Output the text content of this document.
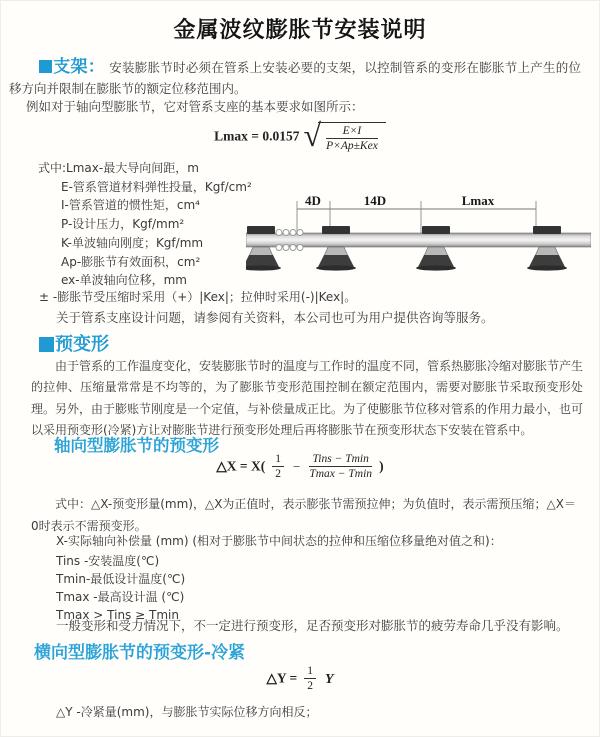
金属波纹膨胀节安装说明
支架： 安装膨胀节时必须在管系上安装必要的支架，以控制管系的变形在膨胀节上产生的位移方向并限制在膨胀节的额定位移范围内。
例如对于轴向型膨胀节，它对管系支座的基本要求如图所示：
Lmax = 0.0157 √ $\frac{E\times I}{\text{P×Ap±Kex}}$
式中:Lmax-最大导向间距，m
E-管系管道材料弹性投量，Kgf/cm²
I-管系管道的惯性矩，cm⁴
P-设计压力，Kgf/mm²
K-单波轴向刚度；Kgf/mm
Ap-膨胀节有效面积，cm²
ex-单波轴向位移，mm
4D	14D	Lmax
± -膨胀节受压缩时采用（+）|Kex|；拉伸时采用(-)|Kex|。
关于管系支座设计问题，请参阅有关资料，本公司也可为用户提供咨询等服务。
预变形
由于管系的工作温度变化，安装膨胀节时的温度与工作时的温度不同，管系热膨胀冷缩对膨胀节产生的拉伸、压缩量常常是不均等的，为了膨胀节变形范围控制在额定范围内，需要对膨胀节采取预变形处理。另外，由于膨账节刚度是一个定值，与补偿量成正比。为了使膨胀节位移对管系的作用力最小，也可以采用预变形(冷紧)方让对膨胀节进行预变形处理后再将膨胀节在预变形状态下安装在管系中。
轴向型膨胀节的预变形
△X = $X( \frac{1}{2} - \frac{\text{Tins − Tmin}}{Tmax - Tmin}$ )
式中：△X-预变形量(mm)，△X为正值时，表示膨张节需预拉伸；为负值时，表示需预压缩；△X＝0时表示不需预变形。
X-实际轴向补偿量 (mm) (相对于膨胀节中间状态的拉伸和压缩位移量绝对值之和)：
Tins -安装温度(℃)
Tmin-最低设计温度(℃)
Tmax -最高设计温 (℃)
Tmax > Tins ≥ Tmin
一般变形和受力情况下，不一定进行预变形，足否预变形对膨胀节的疲劳寿命几乎没有影响。
横向型膨胀节的预变形-冷紧
△Y = $\frac{1}{2}$ Y
△Y -冷紧量(mm)，与膨胀节实际位移方向相反；
